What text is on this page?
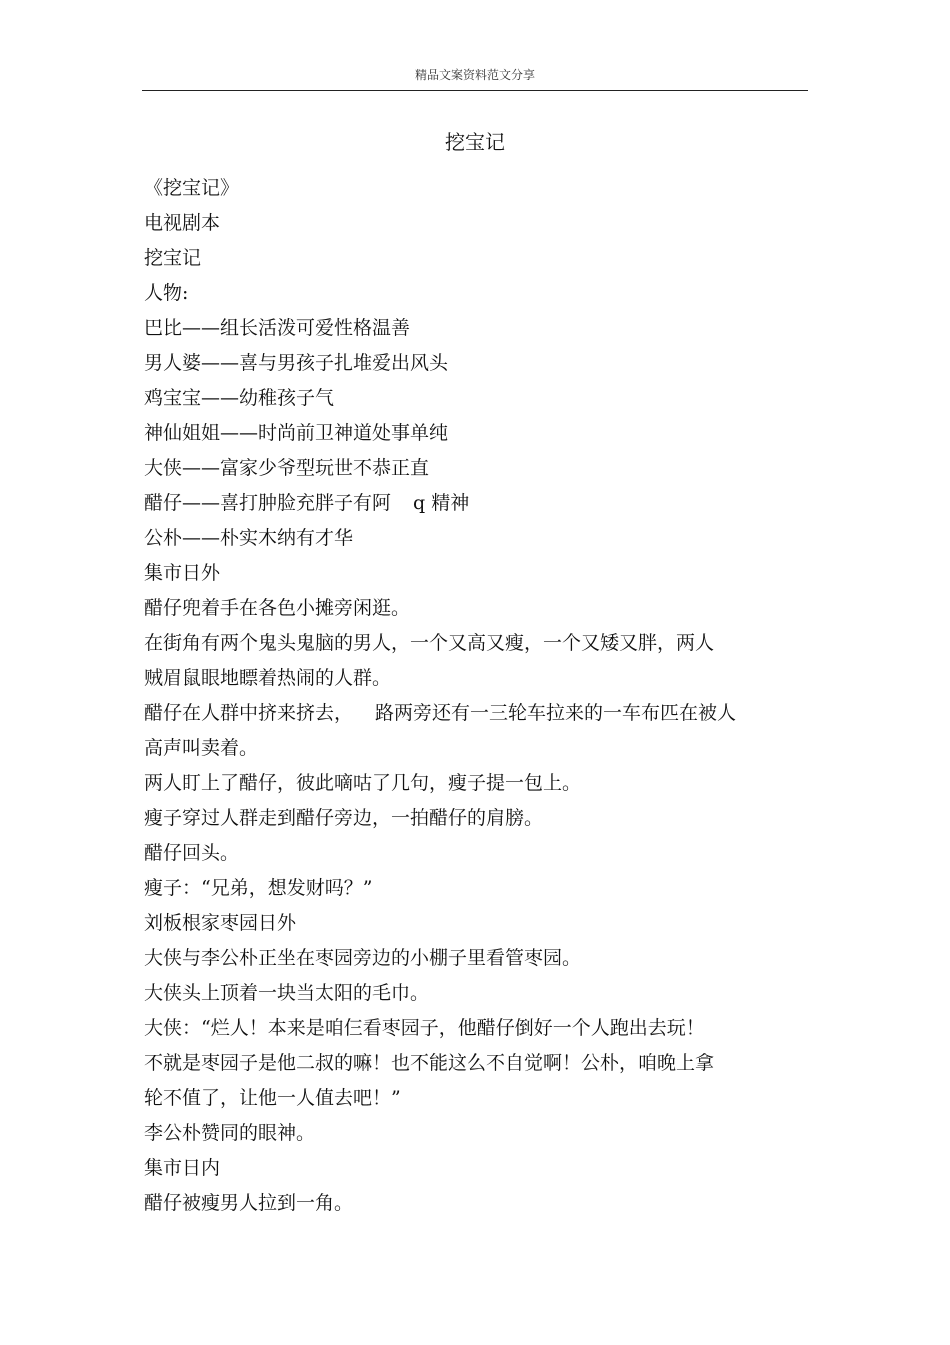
精品文案资料范文分享
挖宝记

《挖宝记》

电视剧本

挖宝记

人物:

巴比——组长活泼可爱性格温善

男人婆——喜与男孩子扎堆爱出风头

鸡宝宝——幼稚孩子气

神仙姐姐——时尚前卫神道处事单纯

大侠——富家少爷型玩世不恭正直

醋仔——喜打肿脸充胖子有阿 q 精神

公朴——朴实木纳有才华

集市日外

醋仔兜着手在各色小摊旁闲逛。

在街角有两个鬼头鬼脑的男人，一个又高又瘦，一个又矮又胖，两人

贼眉鼠眼地瞟着热闹的人群。

醋仔在人群中挤来挤去， 路两旁还有一三轮车拉来的一车布匹在被人

高声叫卖着。

两人盯上了醋仔，彼此嘀咕了几句，瘦子提一包上。

瘦子穿过人群走到醋仔旁边，一拍醋仔的肩膀。

醋仔回头。

瘦子：“兄弟，想发财吗？”

刘板根家枣园日外

大侠与李公朴正坐在枣园旁边的小棚子里看管枣园。

大侠头上顶着一块当太阳的毛巾。

大侠：“烂人！本来是咱仨看枣园子，他醋仔倒好一个人跑出去玩！

不就是枣园子是他二叔的嘛！也不能这么不自觉啊！公朴，咱晚上拿

轮不值了，让他一人值去吧！”

李公朴赞同的眼神。

集市日内

醋仔被瘦男人拉到一角。
